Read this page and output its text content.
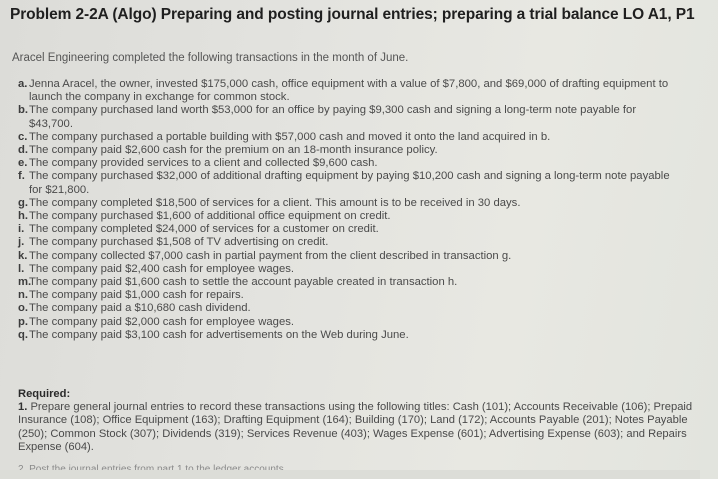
Problem 2-2A (Algo) Preparing and posting journal entries; preparing a trial balance LO A1, P1
Aracel Engineering completed the following transactions in the month of June.
a. Jenna Aracel, the owner, invested $175,000 cash, office equipment with a value of $7,800, and $69,000 of drafting equipment to
launch the company in exchange for common stock.
b. The company purchased land worth $53,000 for an office by paying $9,300 cash and signing a long-term note payable for
$43,700.
c. The company purchased a portable building with $57,000 cash and moved it onto the land acquired in b.
d. The company paid $2,600 cash for the premium on an 18-month insurance policy.
e. The company provided services to a client and collected $9,600 cash.
f. The company purchased $32,000 of additional drafting equipment by paying $10,200 cash and signing a long-term note payable
for $21,800.
g. The company completed $18,500 of services for a client. This amount is to be received in 30 days.
h. The company purchased $1,600 of additional office equipment on credit.
i. The company completed $24,000 of services for a customer on credit.
j. The company purchased $1,508 of TV advertising on credit.
k. The company collected $7,000 cash in partial payment from the client described in transaction g.
l. The company paid $2,400 cash for employee wages.
m.
The company paid $1,600 cash to settle the account payable created in transaction h.
n. The company paid $1,000 cash for repairs.
o. The company paid a $10,680 cash dividend.
p. The company paid $2,000 cash for employee wages.
q. The company paid $3,100 cash for advertisements on the Web during June.
Required:
1. Prepare general journal entries to record these transactions using the following titles: Cash (101); Accounts Receivable (106); Prepaid
Insurance (108); Office Equipment (163); Drafting Equipment (164); Building (170); Land (172); Accounts Payable (201); Notes Payable
(250); Common Stock (307); Dividends (319); Services Revenue (403); Wages Expense (601); Advertising Expense (603); and Repairs
Expense (604).
